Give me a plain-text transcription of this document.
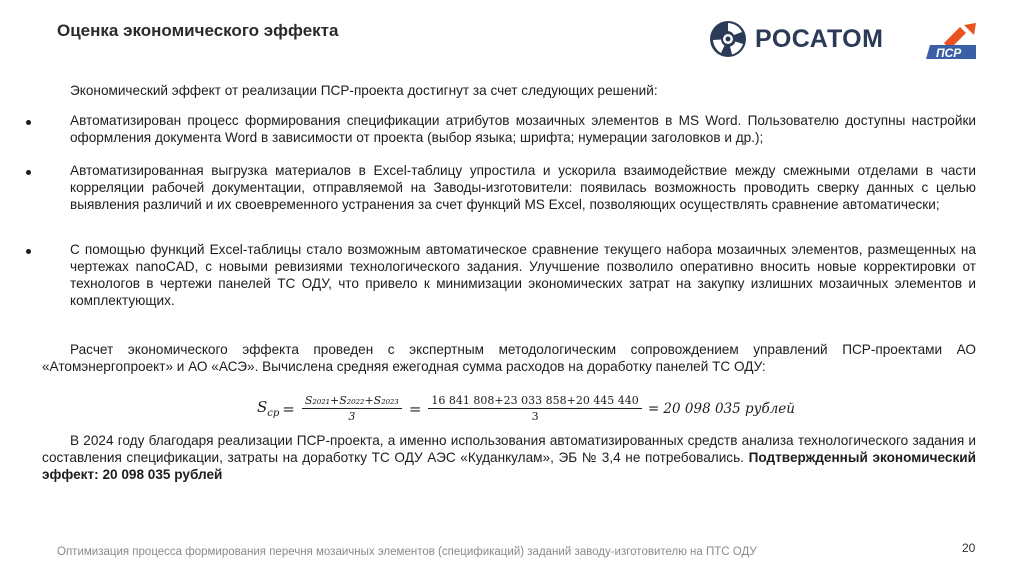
Оценка экономического эффекта	РОСАТОМ
ПСР
Экономический эффект от реализации ПСР-проекта достигнут за счет следующих решений:
Автоматизирован процесс формирования спецификации атрибутов мозаичных элементов в MS Word. Пользователю доступны настройки оформления документа Word в зависимости от проекта (выбор языка; шрифта; нумерации заголовков и др.);
Автоматизированная выгрузка материалов в Excel-таблицу упростила и ускорила взаимодействие между смежными отделами в части корреляции рабочей документации, отправляемой на Заводы-изготовители: появилась возможность проводить сверку данных с целью выявления различий и их своевременного устранения за счет функций MS Excel, позволяющих осуществлять сравнение автоматически;
С помощью функций Excel-таблицы стало возможным автоматическое сравнение текущего набора мозаичных элементов, размещенных на чертежах nanoCAD, с новыми ревизиями технологического задания. Улучшение позволило оперативно вносить новые корректировки от технологов в чертежи панелей ТС ОДУ, что привело к минимизации экономических затрат на закупку излишних мозаичных элементов и комплектующих.
Расчет экономического эффекта проведен с экспертным методологическим сопровождением управлений ПСР-проектами АО «Атомэнергопроект» и АО «АСЭ». Вычислена средняя ежегодная сумма расходов на доработку панелей ТС ОДУ:
$S_{ср} = \frac{\text{S₂₀₂₁+S₂₀₂₂+S₂₀₂₃}}{3} = \frac{16 841 808+23 033 858+20 445 440}{3} = 20$ 098 035 рублей
В 2024 году благодаря реализации ПСР-проекта, а именно использования автоматизированных средств анализа технологического задания и составления спецификации, затраты на доработку ТС ОДУ АЭС «Куданкулам», ЭБ № 3,4 не потребовались. Подтвержденный экономический эффект: 20 098 035 рублей
Оптимизация процесса формирования перечня мозаичных элементов (спецификаций) заданий заводу-изготовителю на ПТС ОДУ	20
